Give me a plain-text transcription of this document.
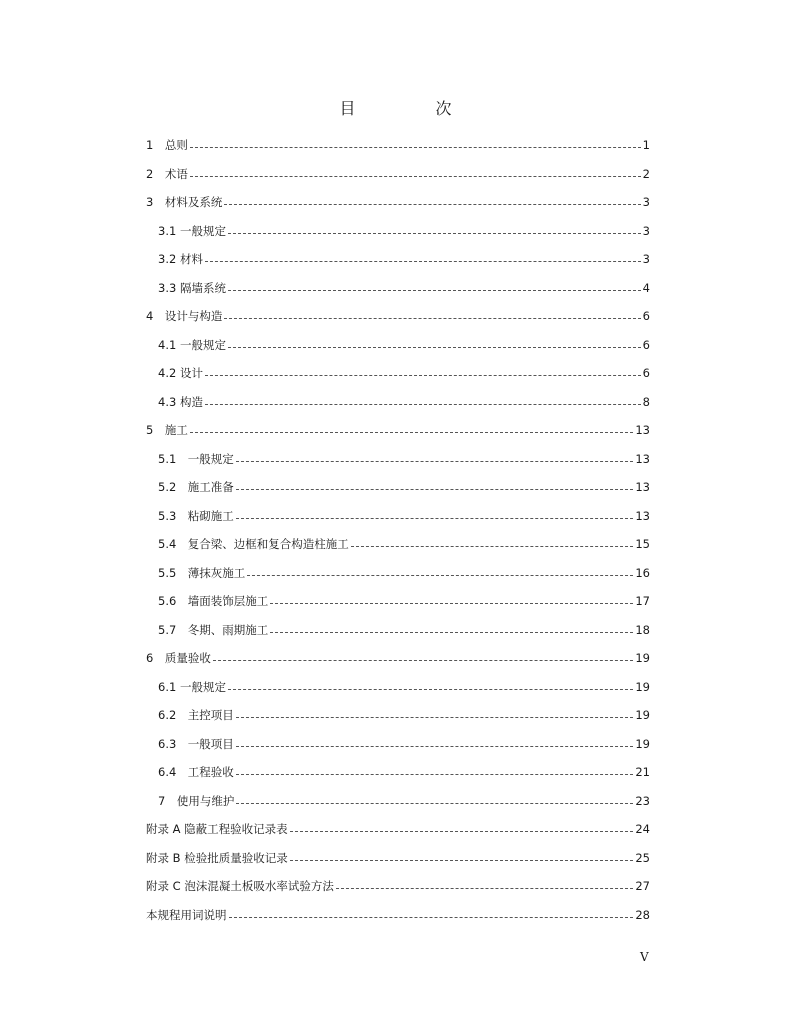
目　次
1　总则	1
2　术语	2
3　材料及系统	3
3.1 一般规定	3
3.2 材料	3
3.3 隔墙系统	4
4　设计与构造	6
4.1 一般规定	6
4.2 设计	6
4.3 构造	8
5　施工	13
5.1　一般规定	13
5.2　施工准备	13
5.3　粘砌施工	13
5.4　复合梁、边框和复合构造柱施工	15
5.5　薄抹灰施工	16
5.6　墙面装饰层施工	17
5.7　冬期、雨期施工	18
6　质量验收	19
6.1 一般规定	19
6.2　主控项目	19
6.3　一般项目	19
6.4　工程验收	21
7　使用与维护	23
附录 A 隐蔽工程验收记录表	24
附录 B 检验批质量验收记录	25
附录 C 泡沫混凝土板吸水率试验方法	27
本规程用词说明	28
V
